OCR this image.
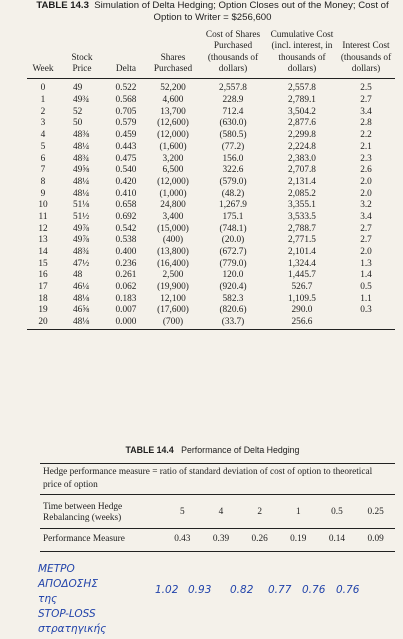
TABLE 14.3 Simulation of Delta Hedging; Option Closes out of the Money; Cost of Option to Writer = $256,600
Week	Stock Price	Delta	Shares Purchased	Cost of Shares Purchased (thousands of dollars)	Cumulative Cost (incl. interest, in thousands of dollars)	Interest Cost (thousands of dollars)
0	49	0.522	52,200	2,557.8	2,557.8	2.5
1	49¾	0.568	4,600	228.9	2,789.1	2.7
2	52	0.705	13,700	712.4	3,504.2	3.4
3	50	0.579	(12,600)	(630.0)	2,877.6	2.8
4	48⅜	0.459	(12,000)	(580.5)	2,299.8	2.2
5	48¼	0.443	(1,600)	(77.2)	2,224.8	2.1
6	48¾	0.475	3,200	156.0	2,383.0	2.3
7	49⅝	0.540	6,500	322.6	2,707.8	2.6
8	48¼	0.420	(12,000)	(579.0)	2,131.4	2.0
9	48¼	0.410	(1,000)	(48.2)	2,085.2	2.0
10	51⅛	0.658	24,800	1,267.9	3,355.1	3.2
11	51½	0.692	3,400	175.1	3,533.5	3.4
12	49⅞	0.542	(15,000)	(748.1)	2,788.7	2.7
13	49⅞	0.538	(400)	(20.0)	2,771.5	2.7
14	48¾	0.400	(13,800)	(672.7)	2,101.4	2.0
15	47½	0.236	(16,400)	(779.0)	1,324.4	1.3
16	48	0.261	2,500	120.0	1,445.7	1.4
17	46¼	0.062	(19,900)	(920.4)	526.7	0.5
18	48⅛	0.183	12,100	582.3	1,109.5	1.1
19	46⅝	0.007	(17,600)	(820.6)	290.0	0.3
20	48⅛	0.000	(700)	(33.7)	256.6	

TABLE 14.4 Performance of Delta Hedging
Hedge performance measure = ratio of standard deviation of cost of option to theoretical price of option
Time between Hedge Rebalancing (weeks)	5	4	2	1	0.5	0.25
Performance Measure	0.43	0.39	0.26	0.19	0.14	0.09
ΜΕΤΡΟ
ΑΠΟΔΟΣΗΣ
της
STOP-LOSS
στρατηγικής
1.02 0.93 0.82 0.77 0.76 0.76
